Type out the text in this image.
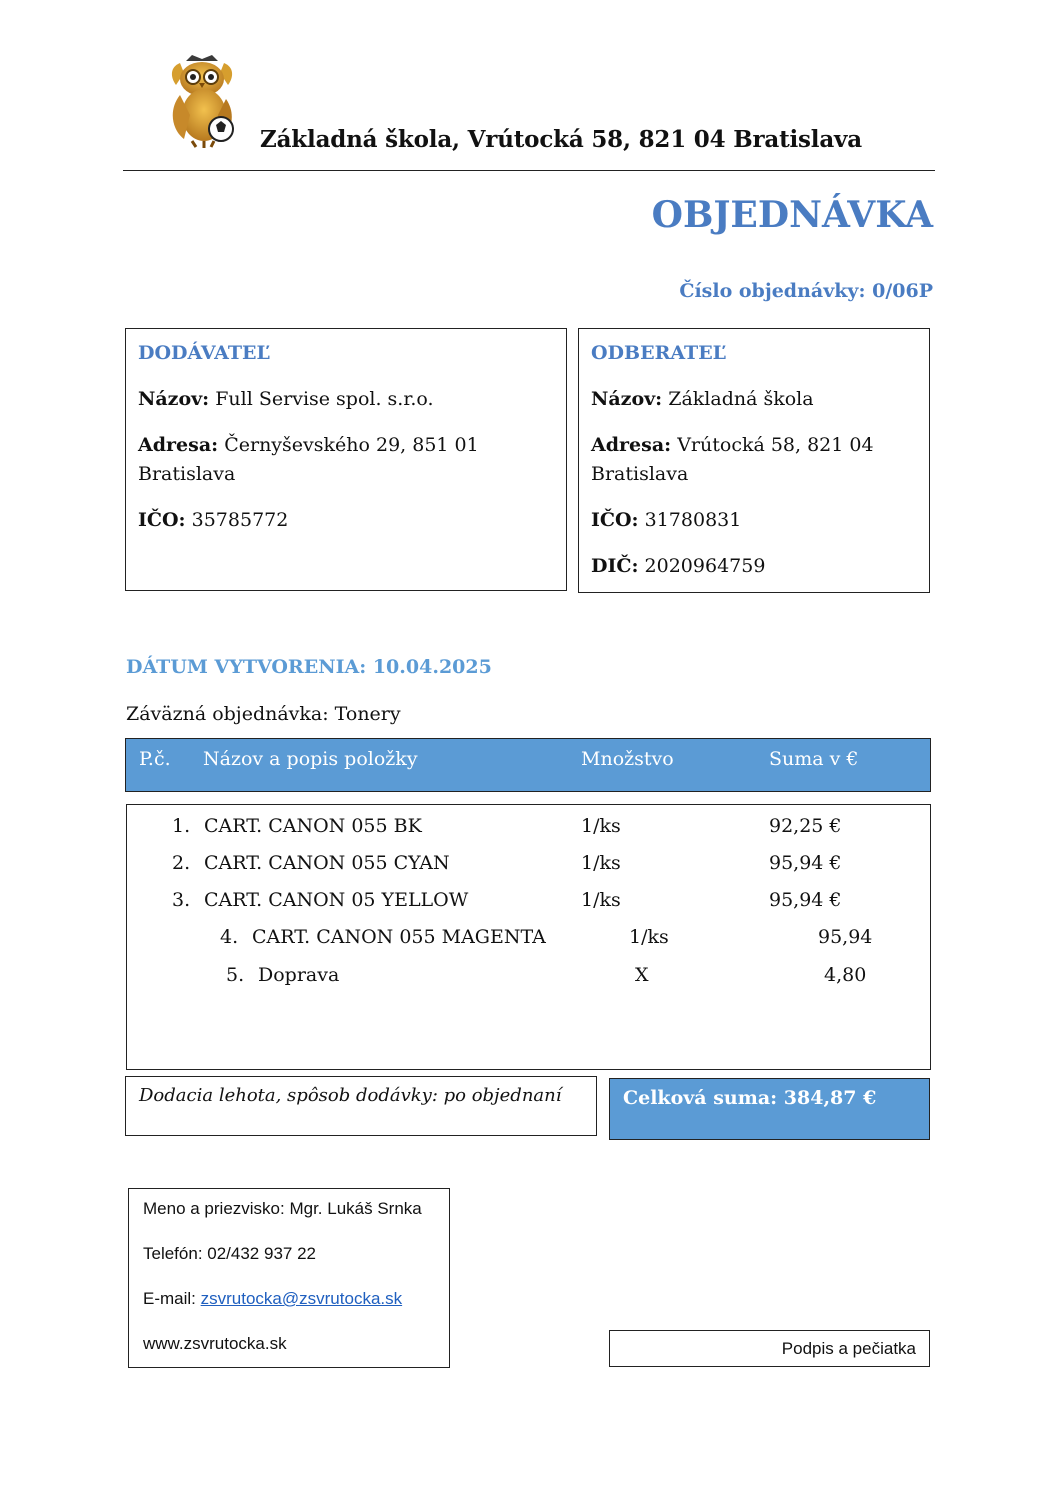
Základná škola, Vrútocká 58, 821 04 Bratislava
OBJEDNÁVKA
Číslo objednávky: 0/06P
DODÁVATEĽ
Názov: Full Servise spol. s.r.o.
Adresa: Černyševského 29, 851 01 Bratislava
IČO: 35785772
ODBERATEĽ
Názov: Základná škola
Adresa: Vrútocká 58, 821 04 Bratislava
IČO: 31780831
DIČ: 2020964759
DÁTUM VYTVORENIA: 10.04.2025
Záväzná objednávka: Tonery
P.č. Názov a popis položky	Množstvo	Suma v €
1. CART. CANON 055 BK	1/ks	92,25 €
2. CART. CANON 055 CYAN	1/ks	95,94 €
3. CART. CANON 05 YELLOW	1/ks	95,94 €
4. CART. CANON 055 MAGENTA	1/ks	95,94
5. Doprava	X	4,80
Dodacia lehota, spôsob dodávky: po objednaní	Celková suma: 384,87 €
Meno a priezvisko: Mgr. Lukáš Srnka
Telefón: 02/432 937 22
E-mail: zsvrutocka@zsvrutocka.sk
www.zsvrutocka.sk	Podpis a pečiatka
